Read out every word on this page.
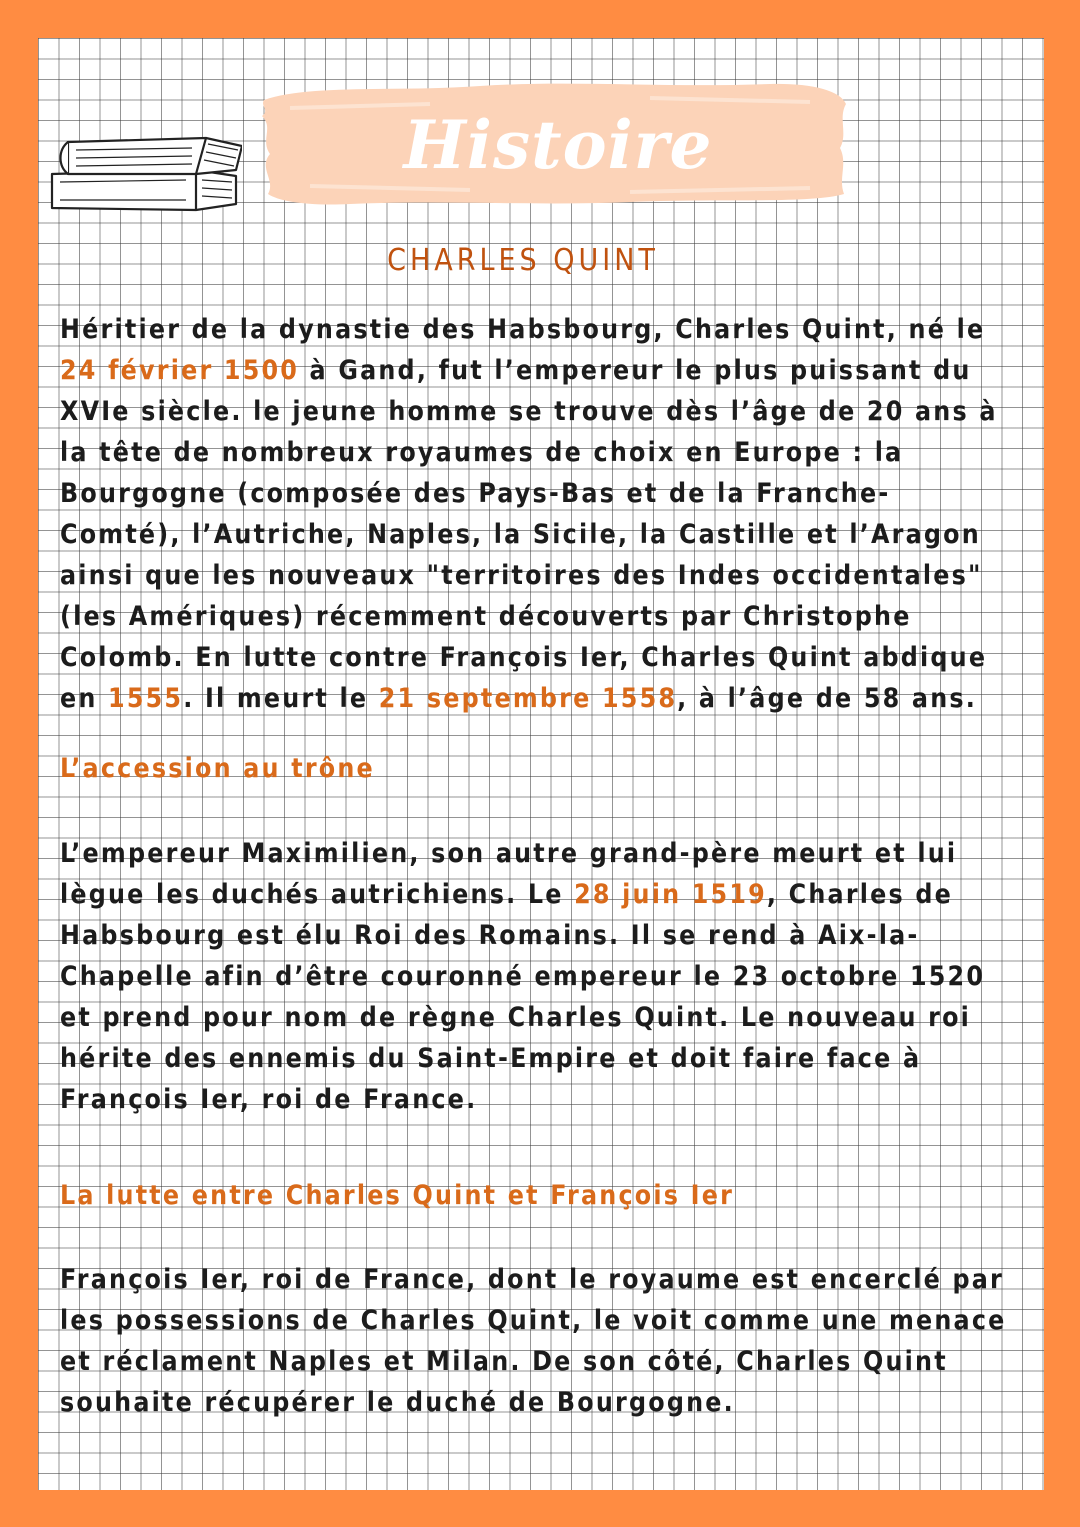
Histoire
CHARLES QUINT

Héritier de la dynastie des Habsbourg, Charles Quint, né le
24 février 1500 à Gand, fut l’empereur le plus puissant du
XVIe siècle. le jeune homme se trouve dès l’âge de 20 ans à
la tête de nombreux royaumes de choix en Europe : la
Bourgogne (composée des Pays-Bas et de la Franche-
Comté), l’Autriche, Naples, la Sicile, la Castille et l’Aragon
ainsi que les nouveaux "territoires des Indes occidentales"
(les Amériques) récemment découverts par Christophe
Colomb. En lutte contre François Ier, Charles Quint abdique
en 1555. Il meurt le 21 septembre 1558, à l’âge de 58 ans.

L’accession au trône

L’empereur Maximilien, son autre grand-père meurt et lui
lègue les duchés autrichiens. Le 28 juin 1519, Charles de
Habsbourg est élu Roi des Romains. Il se rend à Aix-la-
Chapelle afin d’être couronné empereur le 23 octobre 1520
et prend pour nom de règne Charles Quint. Le nouveau roi
hérite des ennemis du Saint-Empire et doit faire face à
François Ier, roi de France.

La lutte entre Charles Quint et François Ier

François Ier, roi de France, dont le royaume est encerclé par
les possessions de Charles Quint, le voit comme une menace
et réclament Naples et Milan. De son côté, Charles Quint
souhaite récupérer le duché de Bourgogne.
